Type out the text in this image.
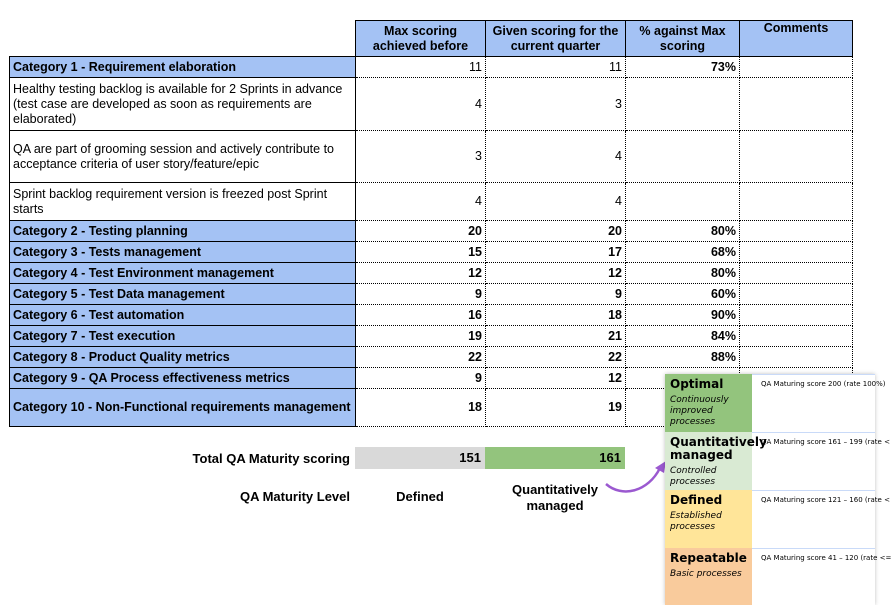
	Max scoring achieved before	Given scoring for the current quarter	% against Max scoring	Comments
Category 1 - Requirement elaboration	11	11	73%	
Healthy testing backlog is available for 2 Sprints in advance (test case are developed as soon as requirements are elaborated)	4	3		
QA are part of grooming session and actively contribute to acceptance criteria of user story/feature/epic	3	4		
Sprint backlog requirement version is freezed post Sprint starts	4	4		
Category 2 - Testing planning	20	20	80%	
Category 3 - Tests management	15	17	68%	
Category 4 - Test Environment management	12	12	80%	
Category 5 - Test Data management	9	9	60%	
Category 6 - Test automation	16	18	90%	
Category 7 - Test execution	19	21	84%	
Category 8 - Product Quality metrics	22	22	88%	
Category 9 - QA Process effectiveness metrics	9	12		
Category 10 - Non-Functional requirements management	18	19		
Total QA Maturity scoring	151	161
QA Maturity Level	Defined	Quantitatively managed
Optimal
Continuously improved processes
QA Maturing score 200 (rate 100%)
Quantitatively managed
Controlled processes
QA Maturing score 161 – 199 (rate <
Defined
Established processes
QA Maturing score 121 – 160 (rate <
Repeatable
Basic processes
QA Maturing score 41 – 120 (rate <=
